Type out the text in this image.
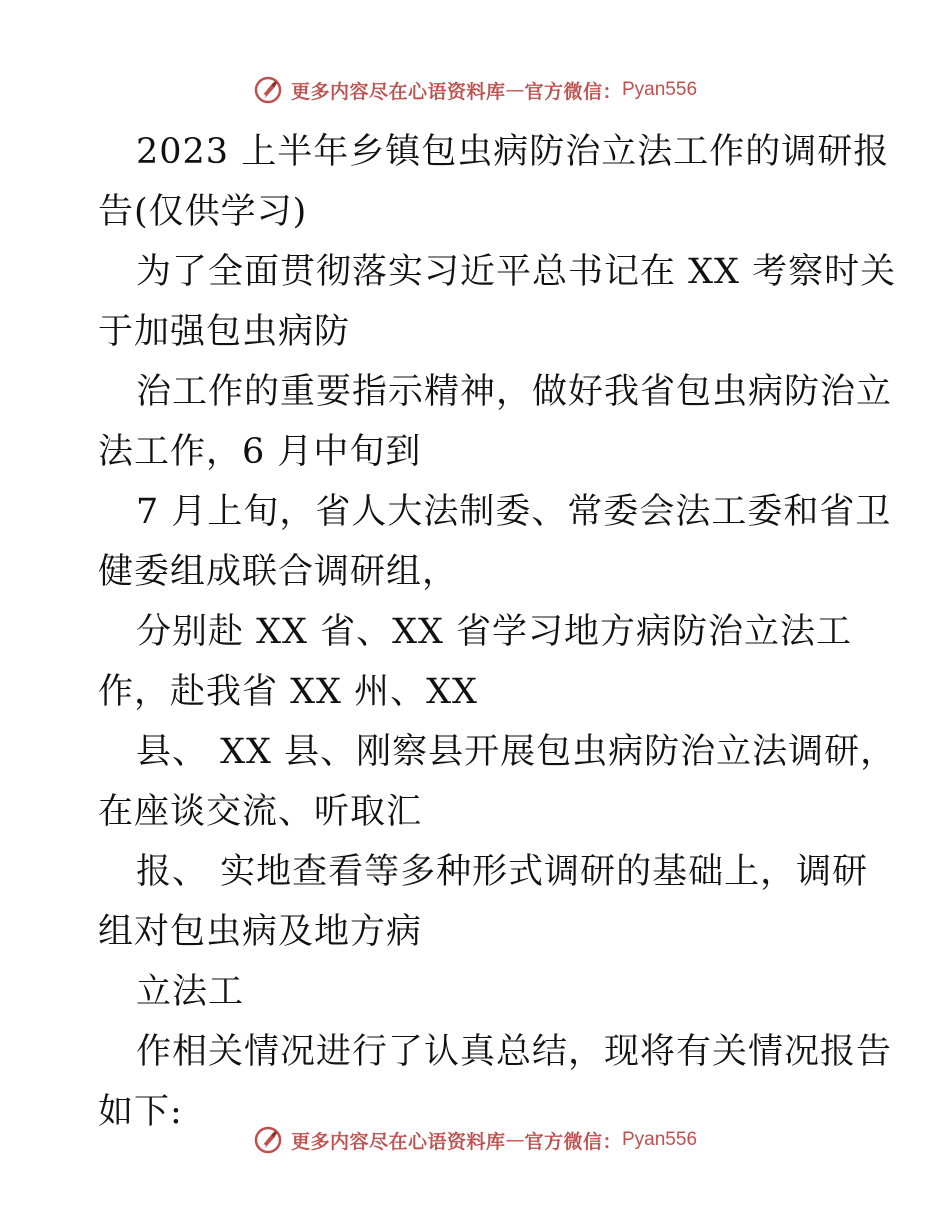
更多内容尽在心语资料库 — 官方微信： Pyan556
2023 上半年乡镇包虫病防治立法工作的调研报
告(仅供学习)
为了全面贯彻落实习近平总书记在 XX 考察时关
于加强包虫病防
治工作的重要指示精神，做好我省包虫病防治立
法工作，6 月中旬到
7 月上旬，省人大法制委、常委会法工委和省卫
健委组成联合调研组，
分别赴 XX 省、XX 省学习地方病防治立法工
作，赴我省 XX 州、XX
县、 XX 县、刚察县开展包虫病防治立法调研，
在座谈交流、听取汇
报、 实地查看等多种形式调研的基础上，调研
组对包虫病及地方病
立法工
作相关情况进行了认真总结，现将有关情况报告
如下:
更多内容尽在心语资料库 — 官方微信： Pyan556
